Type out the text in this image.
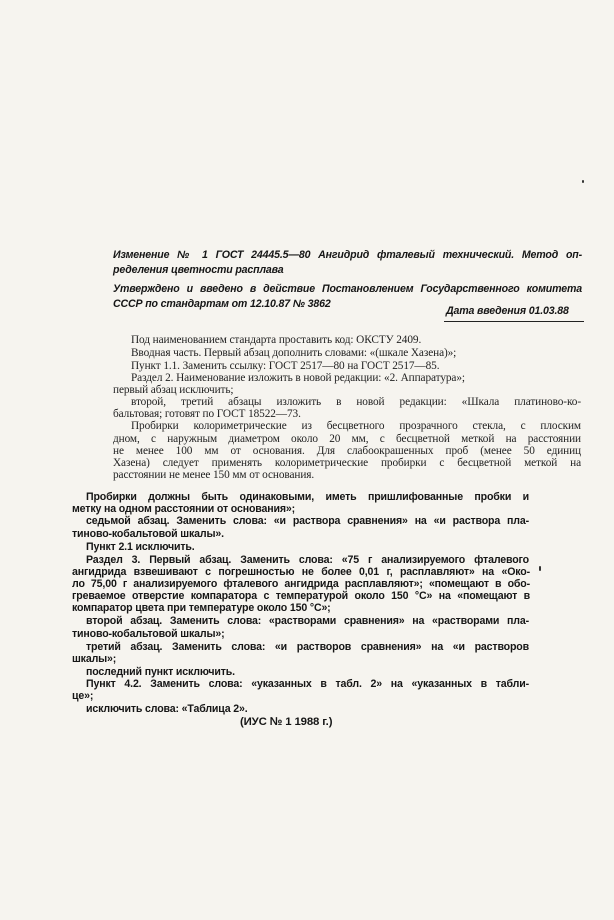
Изменение № 1 ГОСТ 24445.5—80 Ангидрид фталевый технический. Метод оп-
ределения цветности расплава
Утверждено и введено в действие Постановлением Государственного комитета
СССР по стандартам от 12.10.87 № 3862
Дата введения 01.03.88
Под наименованием стандарта проставить код: ОКСТУ 2409.
Вводная часть. Первый абзац дополнить словами: «(шкале Хазена)»;
Пункт 1.1. Заменить ссылку: ГОСТ 2517—80 на ГОСТ 2517—85.
Раздел 2. Наименование изложить в новой редакции: «2. Аппаратура»;
первый абзац исключить;
второй, третий абзацы изложить в новой редакции: «Шкала платиново-ко-
бальтовая; готовят по ГОСТ 18522—73.
Пробирки колориметрические из бесцветного прозрачного стекла, с плоским
дном, с наружным диаметром около 20 мм, с бесцветной меткой на расстоянии
не менее 100 мм от основания. Для слабоокрашенных проб (менее 50 единиц
Хазена) следует применять колориметрические пробирки с бесцветной меткой на
расстоянии не менее 150 мм от основания.
Пробирки должны быть одинаковыми, иметь пришлифованные пробки и
метку на одном расстоянии от основания»;
седьмой абзац. Заменить слова: «и раствора сравнения» на «и раствора пла-
тиново-кобальтовой шкалы».
Пункт 2.1 исключить.
Раздел 3. Первый абзац. Заменить слова: «75 г анализируемого фталевого
ангидрида взвешивают с погрешностью не более 0,01 г, расплавляют» на «Око-
ло 75,00 г анализируемого фталевого ангидрида расплавляют»; «помещают в обо-
греваемое отверстие компаратора с температурой около 150 °С» на «помещают в
компаратор цвета при температуре около 150 °С»;
второй абзац. Заменить слова: «растворами сравнения» на «растворами пла-
тиново-кобальтовой шкалы»;
третий абзац. Заменить слова: «и растворов сравнения» на «и растворов
шкалы»;
последний пункт исключить.
Пункт 4.2. Заменить слова: «указанных в табл. 2» на «указанных в табли-
це»;
исключить слова: «Таблица 2».
(ИУС № 1 1988 г.)
